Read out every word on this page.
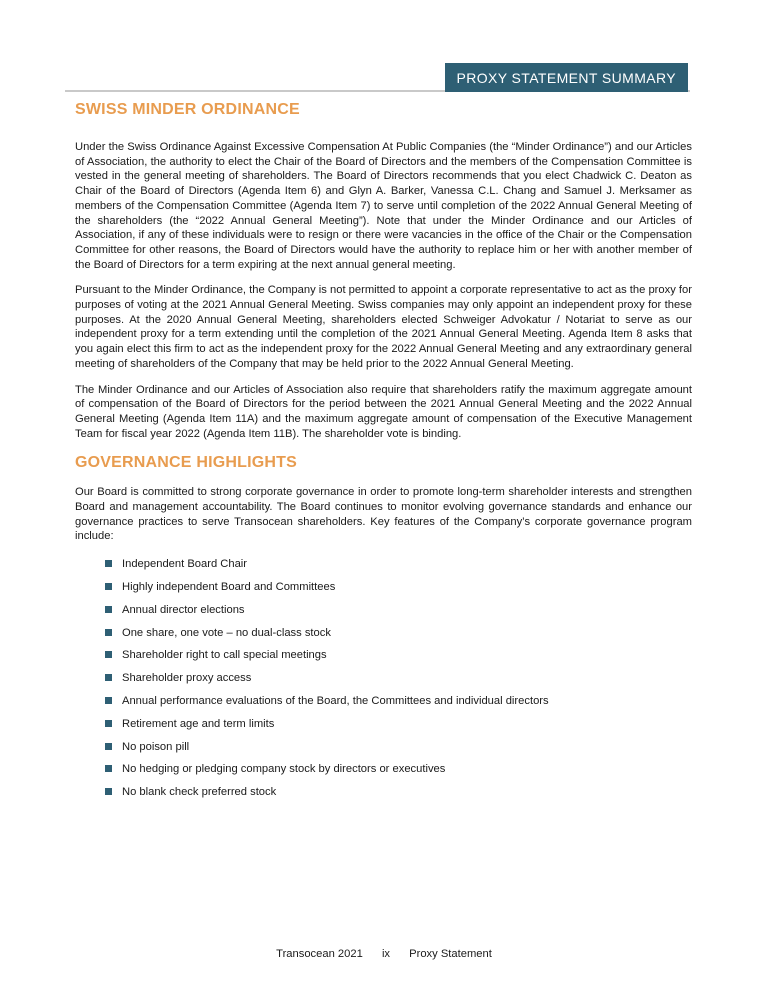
PROXY STATEMENT SUMMARY
SWISS MINDER ORDINANCE

Under the Swiss Ordinance Against Excessive Compensation At Public Companies (the “Minder Ordinance”) and our Articles of Association, the authority to elect the Chair of the Board of Directors and the members of the Compensation Committee is vested in the general meeting of shareholders. The Board of Directors recommends that you elect Chadwick C. Deaton as Chair of the Board of Directors (Agenda Item 6) and Glyn A. Barker, Vanessa C.L. Chang and Samuel J. Merksamer as members of the Compensation Committee (Agenda Item 7) to serve until completion of the 2022 Annual General Meeting of the shareholders (the “2022 Annual General Meeting”). Note that under the Minder Ordinance and our Articles of Association, if any of these individuals were to resign or there were vacancies in the office of the Chair or the Compensation Committee for other reasons, the Board of Directors would have the authority to replace him or her with another member of the Board of Directors for a term expiring at the next annual general meeting.

Pursuant to the Minder Ordinance, the Company is not permitted to appoint a corporate representative to act as the proxy for purposes of voting at the 2021 Annual General Meeting. Swiss companies may only appoint an independent proxy for these purposes. At the 2020 Annual General Meeting, shareholders elected Schweiger Advokatur / Notariat to serve as our independent proxy for a term extending until the completion of the 2021 Annual General Meeting. Agenda Item 8 asks that you again elect this firm to act as the independent proxy for the 2022 Annual General Meeting and any extraordinary general meeting of shareholders of the Company that may be held prior to the 2022 Annual General Meeting.

The Minder Ordinance and our Articles of Association also require that shareholders ratify the maximum aggregate amount of compensation of the Board of Directors for the period between the 2021 Annual General Meeting and the 2022 Annual General Meeting (Agenda Item 11A) and the maximum aggregate amount of compensation of the Executive Management Team for fiscal year 2022 (Agenda Item 11B). The shareholder vote is binding.

GOVERNANCE HIGHLIGHTS

Our Board is committed to strong corporate governance in order to promote long-term shareholder interests and strengthen Board and management accountability. The Board continues to monitor evolving governance standards and enhance our governance practices to serve Transocean shareholders. Key features of the Company’s corporate governance program include:

Independent Board Chair
Highly independent Board and Committees
Annual director elections
One share, one vote – no dual-class stock
Shareholder right to call special meetings
Shareholder proxy access
Annual performance evaluations of the Board, the Committees and individual directors
Retirement age and term limits
No poison pill
No hedging or pledging company stock by directors or executives
No blank check preferred stock
Transocean 2021 ix Proxy Statement
